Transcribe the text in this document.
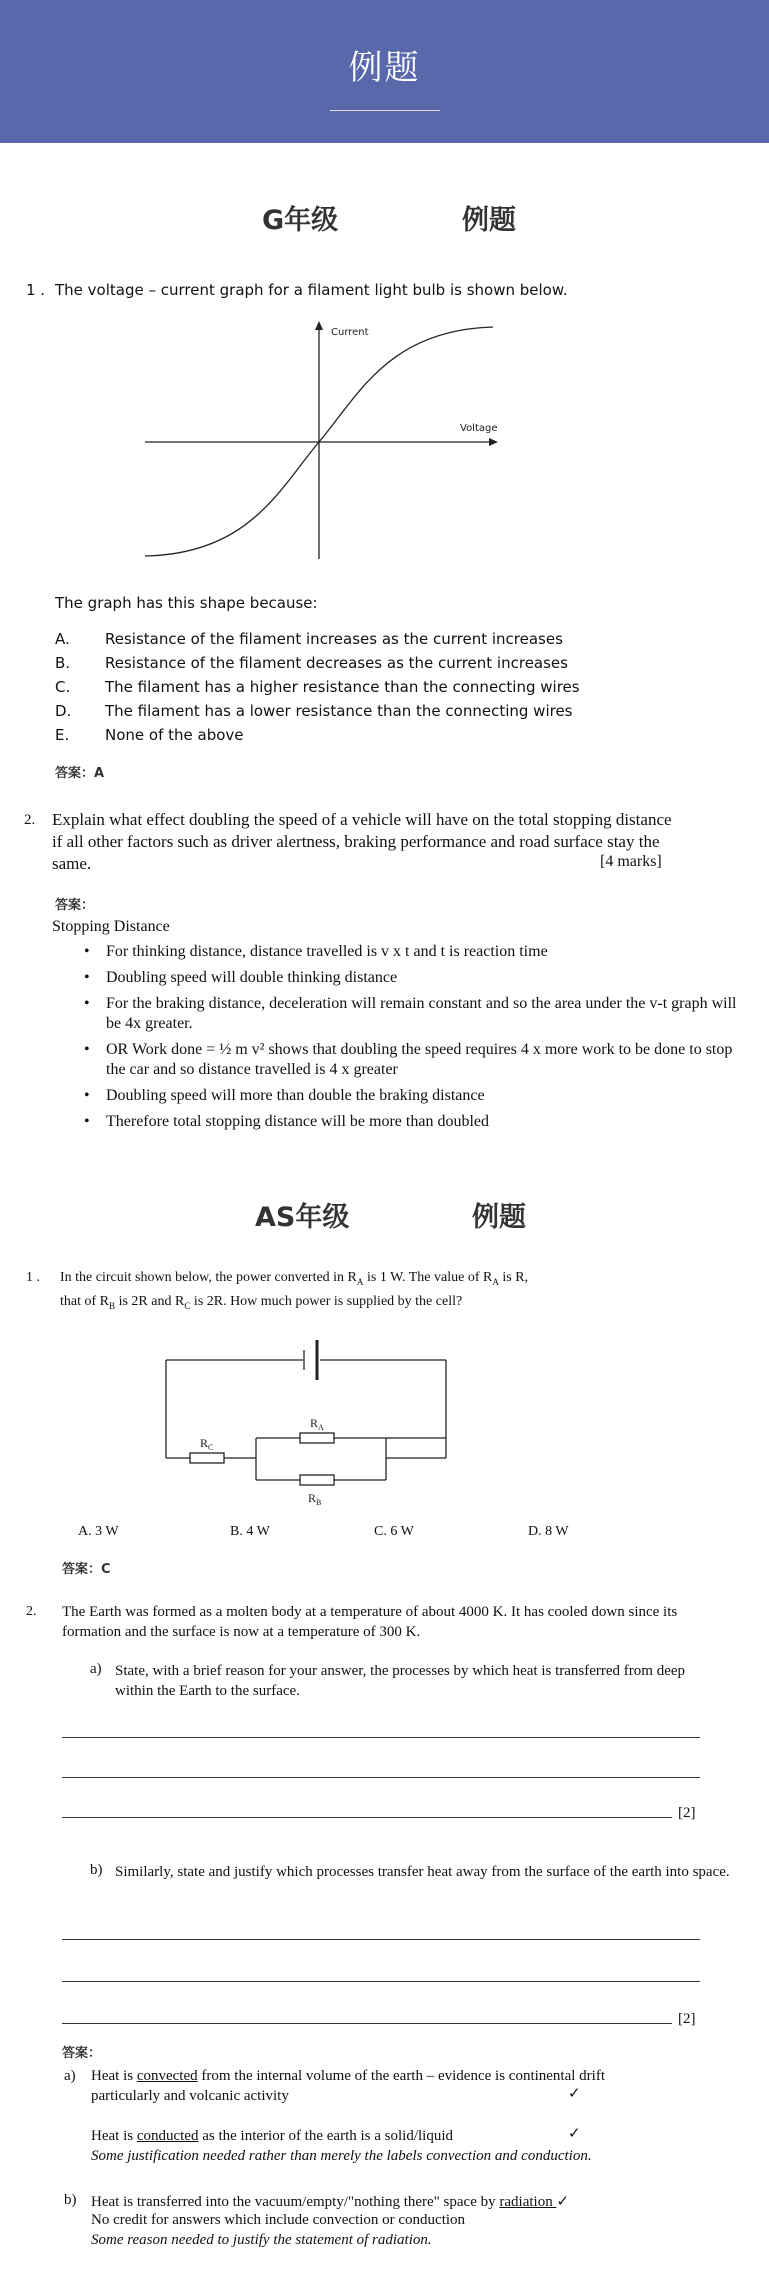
例题
G年级	例题
1 . The voltage – current graph for a filament light bulb is shown below.
Current
Voltage
The graph has this shape because:
A. Resistance of the filament increases as the current increases
B. Resistance of the filament decreases as the current increases
C. The filament has a higher resistance than the connecting wires
D. The filament has a lower resistance than the connecting wires
E. None of the above
答案：A
2. Explain what effect doubling the speed of a vehicle will have on the total stopping distance if all other factors such as driver alertness, braking performance and road surface stay the same.	[4 marks]
答案：
Stopping Distance
• For thinking distance, distance travelled is v x t and t is reaction time
• Doubling speed will double thinking distance
• For the braking distance, deceleration will remain constant and so the area under the v-t graph will be 4x greater.
• OR Work done = ½ m v² shows that doubling the speed requires 4 x more work to be done to stop the car and so distance travelled is 4 x greater
• Doubling speed will more than double the braking distance
• Therefore total stopping distance will be more than doubled
AS年级	例题
1 . In the circuit shown below, the power converted in $R_A$ is 1 W. The value of $R_A$ is R,
that of $R_B$ is 2R and $R_C$ is 2R. How much power is supplied by the cell?
$R_A$
$R_C$
$R_B$
A. 3 W	B. 4 W	C. 6 W	D. 8 W
答案：C
2. The Earth was formed as a molten body at a temperature of about 4000 K. It has cooled down since its formation and the surface is now at a temperature of 300 K.
a) State, with a brief reason for your answer, the processes by which heat is transferred from deep within the Earth to the surface.
[2]
b) Similarly, state and justify which processes transfer heat away from the surface of the earth into space.
[2]
答案：
a) Heat is convected from the internal volume of the earth – evidence is continental drift
particularly and volcanic activity	✓
Heat is conducted as the interior of the earth is a solid/liquid	✓
Some justification needed rather than merely the labels convection and conduction.
b) Heat is transferred into the vacuum/empty/"nothing there" space by radiation ✓
No credit for answers which include convection or conduction
Some reason needed to justify the statement of radiation.
